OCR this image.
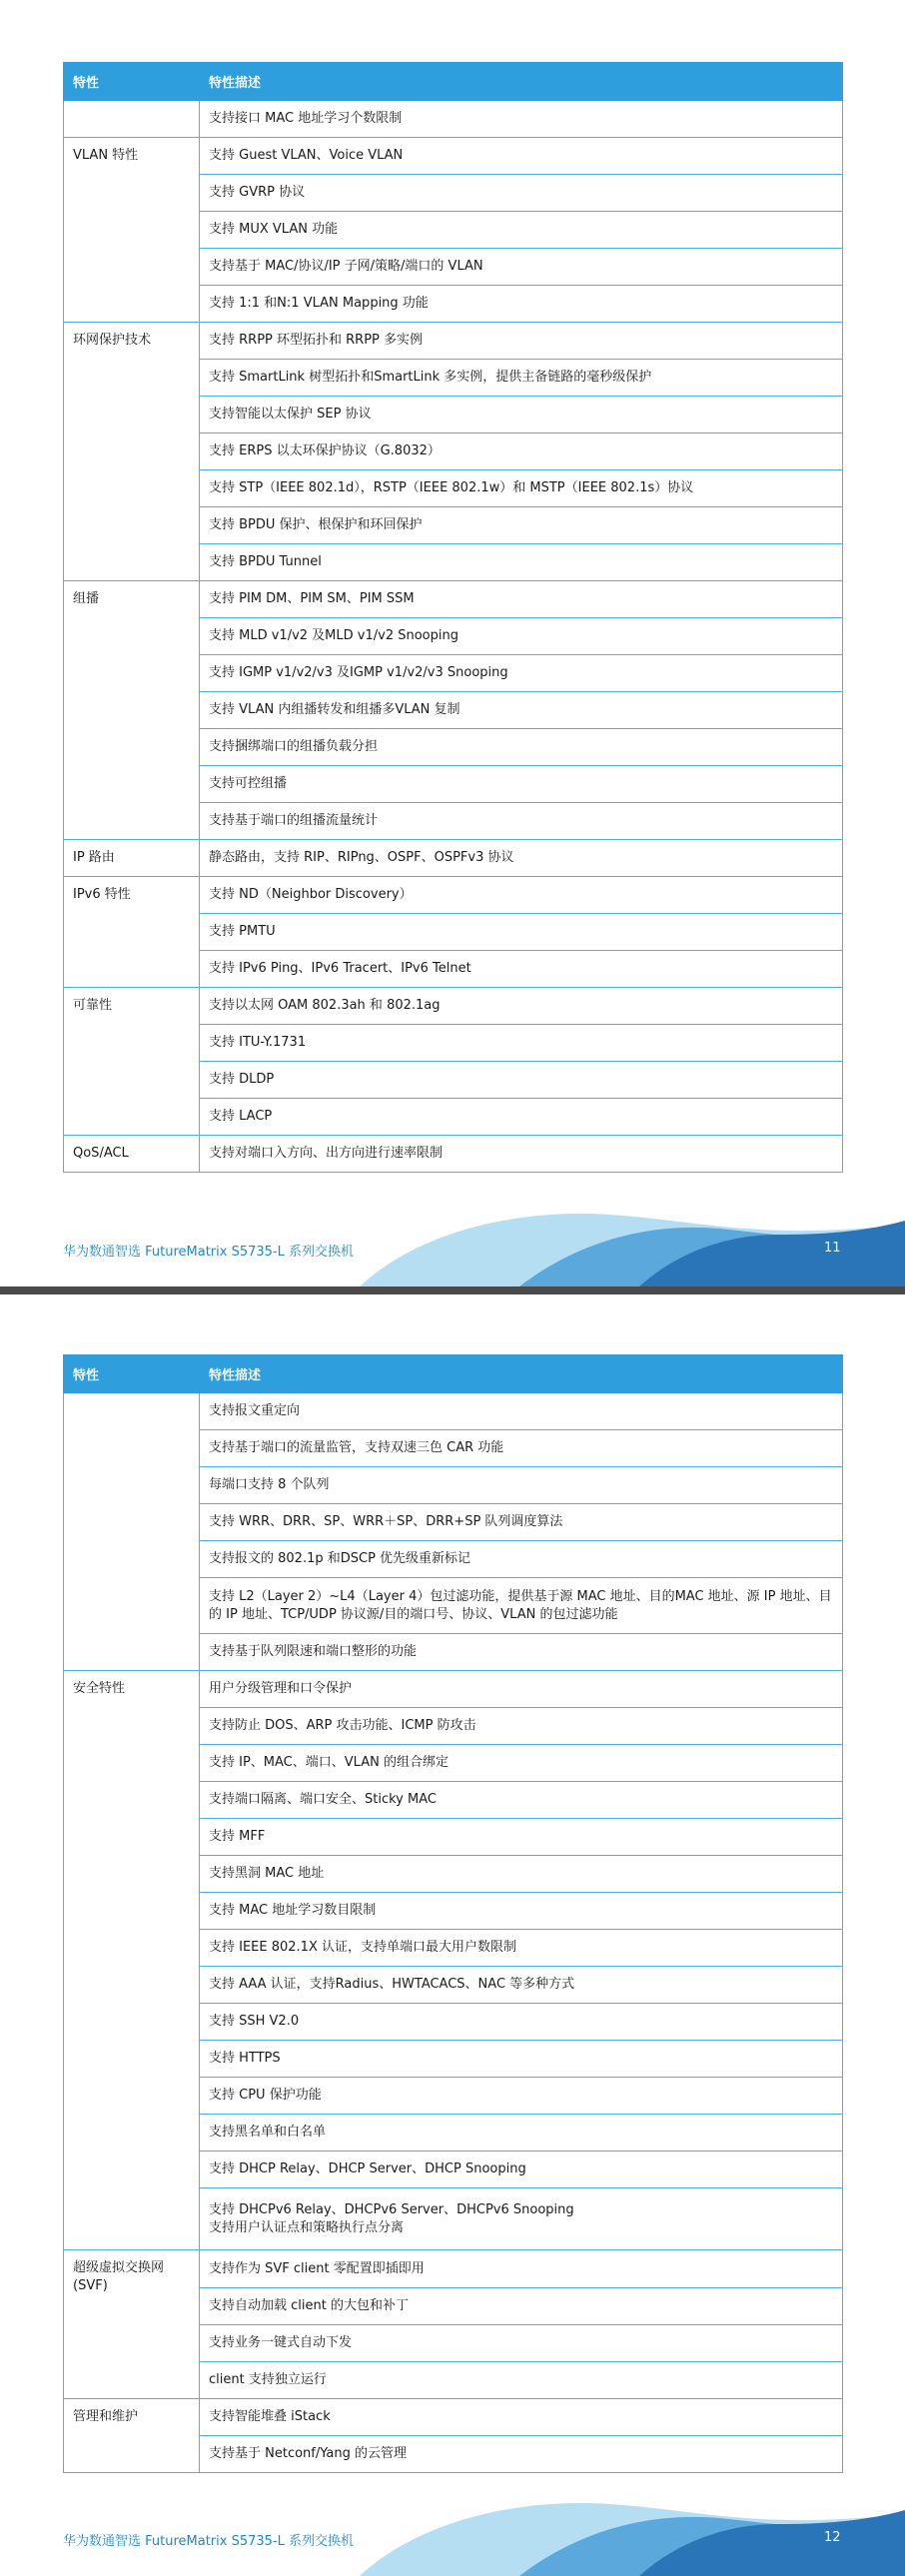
特性	特性描述
	支持接口 MAC 地址学习个数限制
VLAN 特性	支持 Guest VLAN、Voice VLAN
	支持 GVRP 协议
	支持 MUX VLAN 功能
	支持基于 MAC/协议/IP 子网/策略/端口的 VLAN
	支持 1:1 和N:1 VLAN Mapping 功能
环网保护技术	支持 RRPP 环型拓扑和 RRPP 多实例
	支持 SmartLink 树型拓扑和SmartLink 多实例，提供主备链路的毫秒级保护
	支持智能以太保护 SEP 协议
	支持 ERPS 以太环保护协议（G.8032）
	支持 STP（IEEE 802.1d），RSTP（IEEE 802.1w）和 MSTP（IEEE 802.1s）协议
	支持 BPDU 保护、根保护和环回保护
	支持 BPDU Tunnel
组播	支持 PIM DM、PIM SM、PIM SSM
	支持 MLD v1/v2 及MLD v1/v2 Snooping
	支持 IGMP v1/v2/v3 及IGMP v1/v2/v3 Snooping
	支持 VLAN 内组播转发和组播多VLAN 复制
	支持捆绑端口的组播负载分担
	支持可控组播
	支持基于端口的组播流量统计
IP 路由	静态路由，支持 RIP、RIPng、OSPF、OSPFv3 协议
IPv6 特性	支持 ND（Neighbor Discovery）
	支持 PMTU
	支持 IPv6 Ping、IPv6 Tracert、IPv6 Telnet
可靠性	支持以太网 OAM 802.3ah 和 802.1ag
	支持 ITU-Y.1731
	支持 DLDP
	支持 LACP
QoS/ACL	支持对端口入方向、出方向进行速率限制
华为数通智选 FutureMatrix S5735-L 系列交换机	11
特性	特性描述
	支持报文重定向
	支持基于端口的流量监管，支持双速三色 CAR 功能
	每端口支持 8 个队列
	支持 WRR、DRR、SP、WRR＋SP、DRR+SP 队列调度算法
	支持报文的 802.1p 和DSCP 优先级重新标记
	支持 L2（Layer 2）~L4（Layer 4）包过滤功能，提供基于源 MAC 地址、目的MAC 地址、源 IP 地址、目的 IP 地址、TCP/UDP 协议源/目的端口号、协议、VLAN 的包过滤功能
	支持基于队列限速和端口整形的功能
安全特性	用户分级管理和口令保护
	支持防止 DOS、ARP 攻击功能、ICMP 防攻击
	支持 IP、MAC、端口、VLAN 的组合绑定
	支持端口隔离、端口安全、Sticky MAC
	支持 MFF
	支持黑洞 MAC 地址
	支持 MAC 地址学习数目限制
	支持 IEEE 802.1X 认证，支持单端口最大用户数限制
	支持 AAA 认证，支持Radius、HWTACACS、NAC 等多种方式
	支持 SSH V2.0
	支持 HTTPS
	支持 CPU 保护功能
	支持黑名单和白名单
	支持 DHCP Relay、DHCP Server、DHCP Snooping
	支持 DHCPv6 Relay、DHCPv6 Server、DHCPv6 Snooping
支持用户认证点和策略执行点分离
超级虚拟交换网
(SVF)	支持作为 SVF client 零配置即插即用
	支持自动加载 client 的大包和补丁
	支持业务一键式自动下发
	client 支持独立运行
管理和维护	支持智能堆叠 iStack
	支持基于 Netconf/Yang 的云管理
华为数通智选 FutureMatrix S5735-L 系列交换机	12
